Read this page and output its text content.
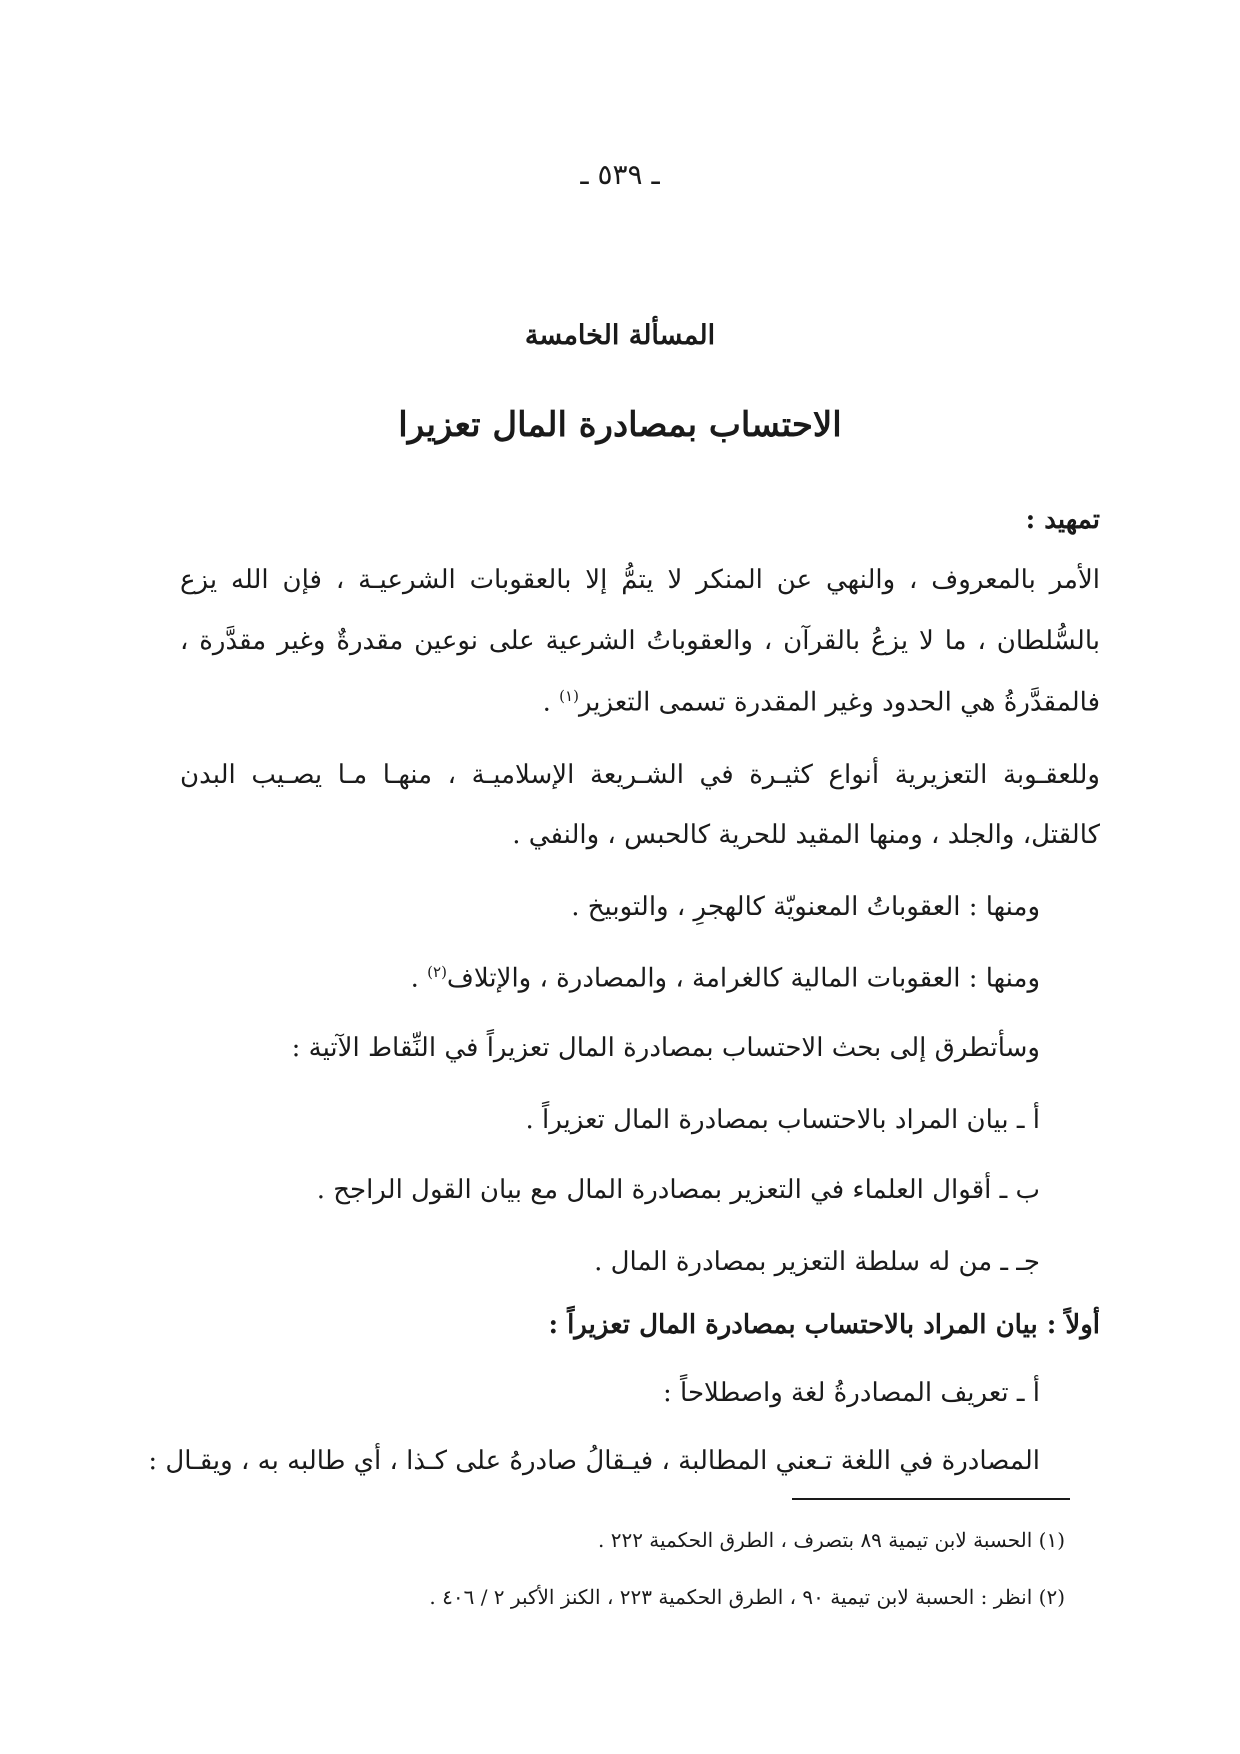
ـ ٥٣٩ ـ
المسألة الخامسة
الاحتساب بمصادرة المال تعزيرا
تمهيد :
الأمر بالمعروف ، والنهي عن المنكر لا يتمُّ إلا بالعقوبات الشرعيـة ، فإن الله يزع
بالسُّلطان ، ما لا يزعُ بالقرآن ، والعقوباتُ الشرعية على نوعين مقدرةٌ وغير مقدَّرة ،
فالمقدَّرةُ هي الحدود وغير المقدرة تسمى التعزير$^{(١)}$ .
وللعقـوبة التعزيرية أنواع كثيـرة في الشـريعة الإسلاميـة ، منهـا مـا يصـيب البدن
كالقتل، والجلد ، ومنها المقيد للحرية كالحبس ، والنفي .
ومنها : العقوباتُ المعنويّة كالهجرِ ، والتوبيخ .
ومنها : العقوبات المالية كالغرامة ، والمصادرة ، والإتلاف$^{(٢)}$ .
وسأتطرق إلى بحث الاحتساب بمصادرة المال تعزيراً في النِّقاط الآتية :
أ ـ بيان المراد بالاحتساب بمصادرة المال تعزيراً .
ب ـ أقوال العلماء في التعزير بمصادرة المال مع بيان القول الراجح .
جـ ـ من له سلطة التعزير بمصادرة المال .
أولاً : بيان المراد بالاحتساب بمصادرة المال تعزيراً :
أ ـ تعريف المصادرةُ لغة واصطلاحاً :
المصادرة في اللغة تـعني المطالبة ، فيـقالُ صادرهُ على كـذا ، أي طالبه به ، ويقـال :
(١) الحسبة لابن تيمية ٨٩ بتصرف ، الطرق الحكمية ٢٢٢ .
(٢) انظر : الحسبة لابن تيمية ٩٠ ، الطرق الحكمية ٢٢٣ ، الكنز الأكبر ٢ / ٤٠٦ .
